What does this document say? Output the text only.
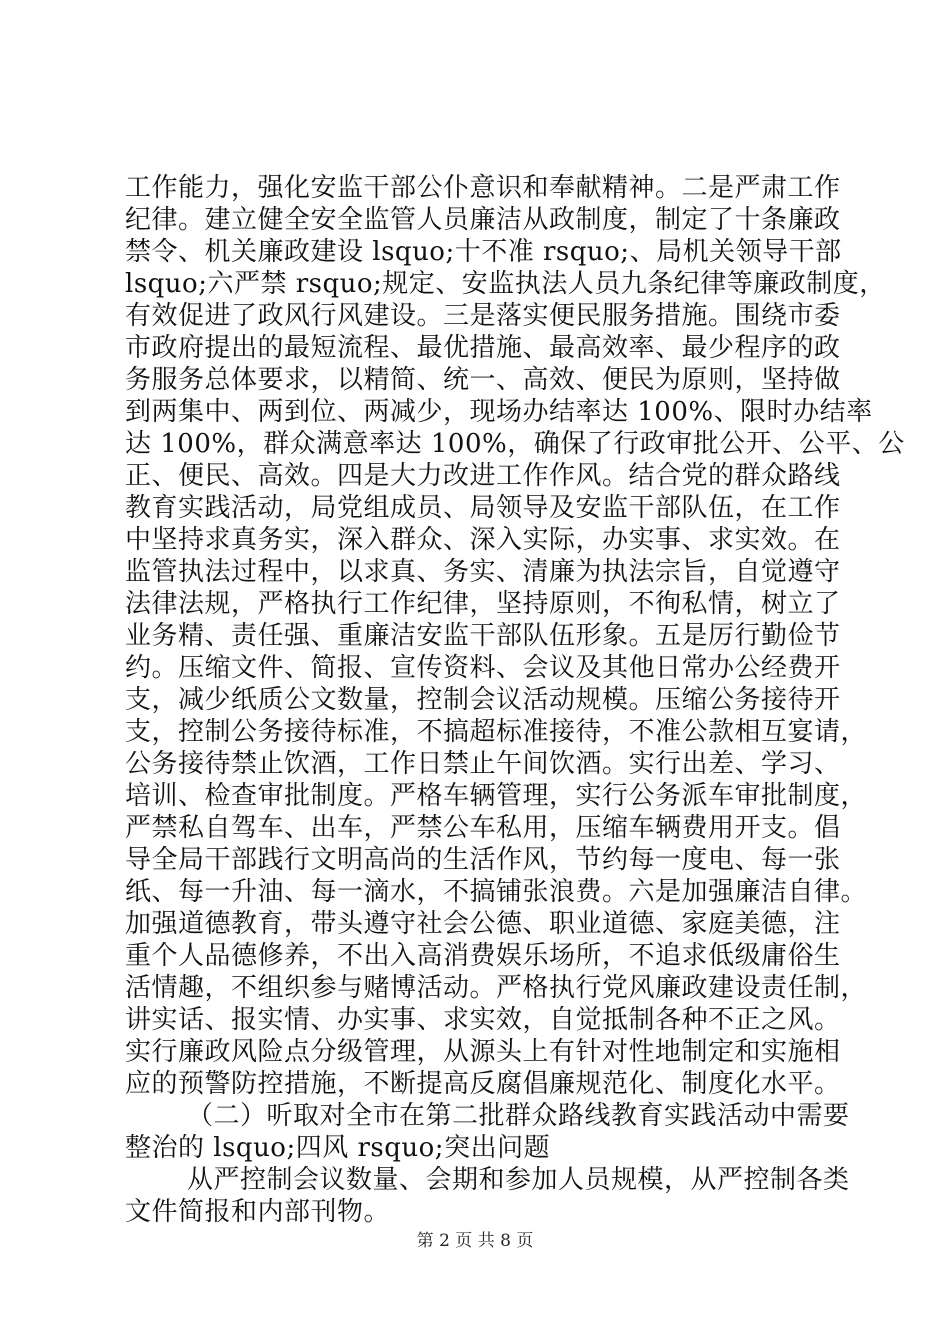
工作能力，强化安监干部公仆意识和奉献精神。二是严肃工作
纪律。建立健全安全监管人员廉洁从政制度，制定了十条廉政
禁令、机关廉政建设 lsquo;十不准 rsquo;、局机关领导干部
lsquo;六严禁 rsquo;规定、安监执法人员九条纪律等廉政制度，
有效促进了政风行风建设。三是落实便民服务措施。围绕市委
市政府提出的最短流程、最优措施、最高效率、最少程序的政
务服务总体要求，以精简、统一、高效、便民为原则，坚持做
到两集中、两到位、两减少，现场办结率达 100%、限时办结率
达 100%，群众满意率达 100%，确保了行政审批公开、公平、公
正、便民、高效。四是大力改进工作作风。结合党的群众路线
教育实践活动，局党组成员、局领导及安监干部队伍，在工作
中坚持求真务实，深入群众、深入实际，办实事、求实效。在
监管执法过程中，以求真、务实、清廉为执法宗旨，自觉遵守
法律法规，严格执行工作纪律，坚持原则，不徇私情，树立了
业务精、责任强、重廉洁安监干部队伍形象。五是厉行勤俭节
约。压缩文件、简报、宣传资料、会议及其他日常办公经费开
支，减少纸质公文数量，控制会议活动规模。压缩公务接待开
支，控制公务接待标准，不搞超标准接待，不准公款相互宴请，
公务接待禁止饮酒，工作日禁止午间饮酒。实行出差、学习、
培训、检查审批制度。严格车辆管理，实行公务派车审批制度，
严禁私自驾车、出车，严禁公车私用，压缩车辆费用开支。倡
导全局干部践行文明高尚的生活作风，节约每一度电、每一张
纸、每一升油、每一滴水，不搞铺张浪费。六是加强廉洁自律。
加强道德教育，带头遵守社会公德、职业道德、家庭美德，注
重个人品德修养，不出入高消费娱乐场所，不追求低级庸俗生
活情趣，不组织参与赌博活动。严格执行党风廉政建设责任制，
讲实话、报实情、办实事、求实效，自觉抵制各种不正之风。
实行廉政风险点分级管理，从源头上有针对性地制定和实施相
应的预警防控措施，不断提高反腐倡廉规范化、制度化水平。
（二）听取对全市在第二批群众路线教育实践活动中需要
整治的 lsquo;四风 rsquo;突出问题
从严控制会议数量、会期和参加人员规模，从严控制各类
文件简报和内部刊物。
第 2 页 共 8 页
